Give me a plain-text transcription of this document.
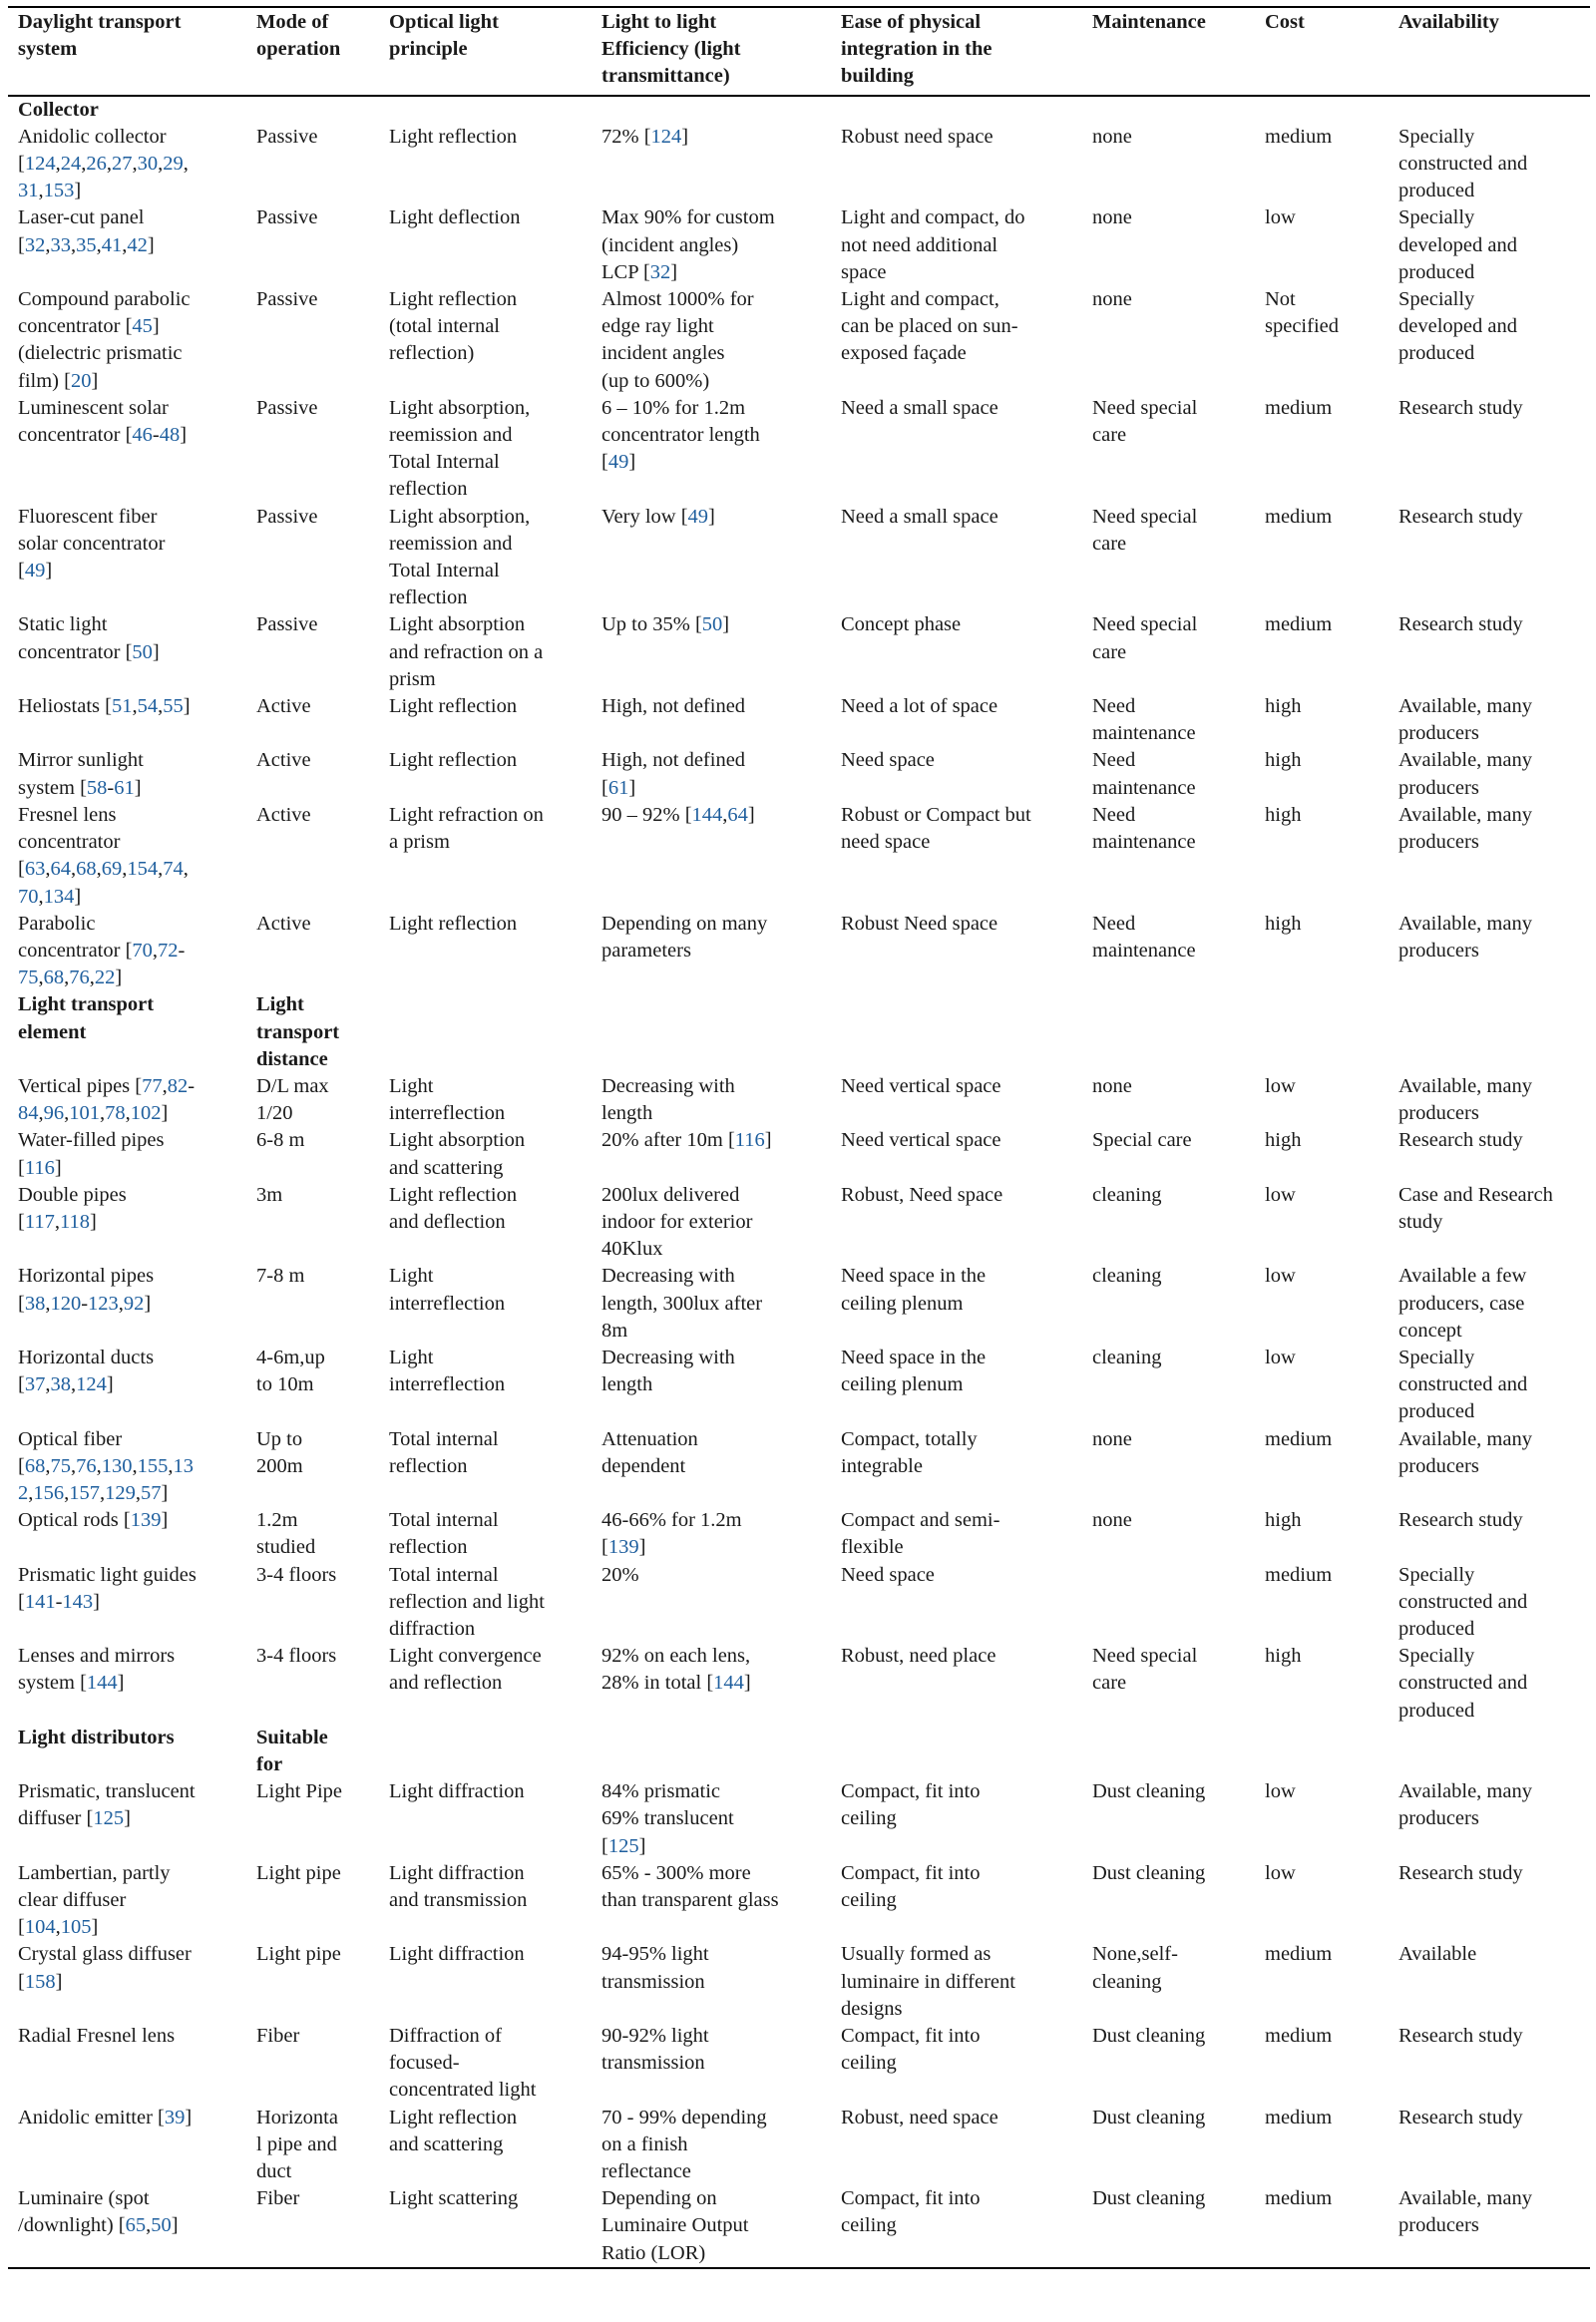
Daylight transport
system	Mode of
operation	Optical light
principle	Light to light
Efficiency (light
transmittance)	Ease of physical
integration in the
building	Maintenance	Cost	Availability
Collector							
Anidolic collector
[124,24,26,27,30,29,
31,153]	Passive	Light reflection	72% [124]	Robust need space	none	medium	Specially
constructed and
produced
Laser-cut panel
[32,33,35,41,42]	Passive	Light deflection	Max 90% for custom
(incident angles)
LCP [32]	Light and compact, do
not need additional
space	none	low	Specially
developed and
produced
Compound parabolic
concentrator [45]
(dielectric prismatic
film) [20]	Passive	Light reflection
(total internal
reflection)	Almost 1000% for
edge ray light
incident angles
(up to 600%)	Light and compact,
can be placed on sun-
exposed façade	none	Not
specified	Specially
developed and
produced
Luminescent solar
concentrator [46-48]	Passive	Light absorption,
reemission and
Total Internal
reflection	6 – 10% for 1.2m
concentrator length
[49]	Need a small space	Need special
care	medium	Research study
Fluorescent fiber
solar concentrator
[49]	Passive	Light absorption,
reemission and
Total Internal
reflection	Very low [49]	Need a small space	Need special
care	medium	Research study
Static light
concentrator [50]	Passive	Light absorption
and refraction on a
prism	Up to 35% [50]	Concept phase	Need special
care	medium	Research study
Heliostats [51,54,55]	Active	Light reflection	High, not defined	Need a lot of space	Need
maintenance	high	Available, many
producers
Mirror sunlight
system [58-61]	Active	Light reflection	High, not defined
[61]	Need space	Need
maintenance	high	Available, many
producers
Fresnel lens
concentrator
[63,64,68,69,154,74,
70,134]	Active	Light refraction on
a prism	90 – 92% [144,64]	Robust or Compact but
need space	Need
maintenance	high	Available, many
producers
Parabolic
concentrator [70,72-
75,68,76,22]	Active	Light reflection	Depending on many
parameters	Robust Need space	Need
maintenance	high	Available, many
producers
Light transport
element	Light
transport
distance						
Vertical pipes [77,82-
84,96,101,78,102]	D/L max
1/20	Light
interreflection	Decreasing with
length	Need vertical space	none	low	Available, many
producers
Water-filled pipes
[116]	6-8 m	Light absorption
and scattering	20% after 10m [116]	Need vertical space	Special care	high	Research study
Double pipes
[117,118]	3m	Light reflection
and deflection	200lux delivered
indoor for exterior
40Klux	Robust, Need space	cleaning	low	Case and Research
study
Horizontal pipes
[38,120-123,92]	7-8 m	Light
interreflection	Decreasing with
length, 300lux after
8m	Need space in the
ceiling plenum	cleaning	low	Available a few
producers, case
concept
Horizontal ducts
[37,38,124]	4-6m,up
to 10m	Light
interreflection	Decreasing with
length	Need space in the
ceiling plenum	cleaning	low	Specially
constructed and
produced
Optical fiber
[68,75,76,130,155,13
2,156,157,129,57]	Up to
200m	Total internal
reflection	Attenuation
dependent	Compact, totally
integrable	none	medium	Available, many
producers
Optical rods [139]	1.2m
studied	Total internal
reflection	46-66% for 1.2m
[139]	Compact and semi-
flexible	none	high	Research study
Prismatic light guides
[141-143]	3-4 floors	Total internal
reflection and light
diffraction	20%	Need space		medium	Specially
constructed and
produced
Lenses and mirrors
system [144]	3-4 floors	Light convergence
and reflection	92% on each lens,
28% in total [144]	Robust, need place	Need special
care	high	Specially
constructed and
produced
Light distributors	Suitable
for						
Prismatic, translucent
diffuser [125]	Light Pipe	Light diffraction	84% prismatic
69% translucent
[125]	Compact, fit into
ceiling	Dust cleaning	low	Available, many
producers
Lambertian, partly
clear diffuser
[104,105]	Light pipe	Light diffraction
and transmission	65% - 300% more
than transparent glass	Compact, fit into
ceiling	Dust cleaning	low	Research study
Crystal glass diffuser
[158]	Light pipe	Light diffraction	94-95% light
transmission	Usually formed as
luminaire in different
designs	None,self-
cleaning	medium	Available
Radial Fresnel lens	Fiber	Diffraction of
focused-
concentrated light	90-92% light
transmission	Compact, fit into
ceiling	Dust cleaning	medium	Research study
Anidolic emitter [39]	Horizonta
l pipe and
duct	Light reflection
and scattering	70 - 99% depending
on a finish
reflectance	Robust, need space	Dust cleaning	medium	Research study
Luminaire (spot
/downlight) [65,50]	Fiber	Light scattering	Depending on
Luminaire Output
Ratio (LOR)	Compact, fit into
ceiling	Dust cleaning	medium	Available, many
producers
